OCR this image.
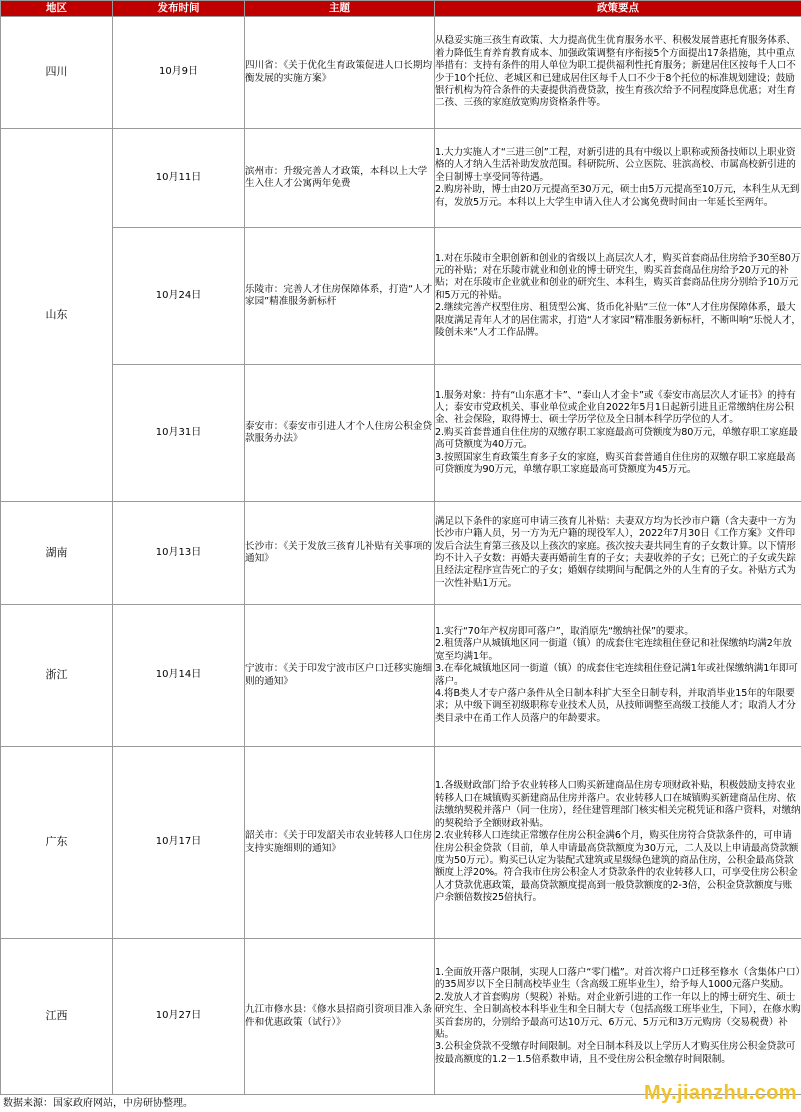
地区	发布时间	主题	政策要点
四川	10月9日	四川省：《关于优化生育政策促进人口长期均衡发展的实施方案》	从稳妥实施三孩生育政策、大力提高优生优育服务水平、积极发展普惠托育服务体系、着力降低生育养育教育成本、加强政策调整有序衔接5个方面提出17条措施，其中重点举措有：支持有条件的用人单位为职工提供福利性托育服务；新建居住区按每千人口不少于10个托位、老城区和已建成居住区每千人口不少于8个托位的标准规划建设；鼓励银行机构为符合条件的夫妻提供消费贷款，按生育孩次给予不同程度降息优惠；对生育二孩、三孩的家庭放宽购房资格条件等。

山东	10月11日	滨州市：升级完善人才政策，本科以上大学生入住人才公寓两年免费	1.大力实施人才“三进三创”工程，对新引进的具有中级以上职称或预备技师以上职业资格的人才纳入生活补助发放范围。科研院所、公立医院、驻滨高校、市属高校新引进的全日制博士享受同等待遇。

2.购房补助，博士由20万元提高至30万元，硕士由5万元提高至10万元，本科生从无到有，发放5万元。本科以上大学生申请入住人才公寓免费时间由一年延长至两年。

	10月24日	乐陵市：完善人才住房保障体系，打造“人才家园”精准服务新标杆	1.对在乐陵市全职创新和创业的省级以上高层次人才，购买首套商品住房给予30至80万元的补贴；对在乐陵市就业和创业的博士研究生，购买首套商品住房给予20万元的补贴；对在乐陵市企业就业和创业的研究生、本科生，购买首套商品住房分别给予10万元和5万元的补贴。

2.继续完善产权型住房、租赁型公寓、货币化补贴“三位一体”人才住房保障体系，最大限度满足青年人才的居住需求，打造“人才家园”精准服务新标杆，不断叫响“乐悦人才，陵创未来”人才工作品牌。

	10月31日	泰安市：《泰安市引进人才个人住房公积金贷款服务办法》	1.服务对象：持有“山东惠才卡”、“泰山人才金卡”或《泰安市高层次人才证书》的持有人；泰安市党政机关、事业单位或企业自2022年5月1日起新引进且正常缴纳住房公积金、社会保险，取得博士、硕士学历学位及全日制本科学历学位的人才。

2.购买首套普通自住住房的双缴存职工家庭最高可贷额度为80万元，单缴存职工家庭最高可贷额度为40万元。

3.按照国家生育政策生育多子女的家庭，购买首套普通自住住房的双缴存职工家庭最高可贷额度为90万元，单缴存职工家庭最高可贷额度为45万元。

湖南	10月13日	长沙市：《关于发放三孩育儿补贴有关事项的通知》	满足以下条件的家庭可申请三孩育儿补贴：夫妻双方均为长沙市户籍（含夫妻中一方为长沙市户籍人员，另一方为无户籍的现役军人），2022年7月30日《工作方案》文件印发后合法生育第三孩及以上孩次的家庭。孩次按夫妻共同生育的子女数计算。以下情形均不计入子女数：再婚夫妻再婚前生育的子女；夫妻收养的子女；已死亡的子女或失踪且经法定程序宣告死亡的子女；婚姻存续期间与配偶之外的人生育的子女。补贴方式为一次性补贴1万元。

浙江	10月14日	宁波市：《关于印发宁波市区户口迁移实施细则的通知》	1.实行“70年产权房即可落户”，取消原先“缴纳社保”的要求。

2.租赁落户从城镇地区同一街道（镇）的成套住宅连续租住登记和社保缴纳均满2年放宽至均满1年。

3.在奉化城镇地区同一街道（镇）的成套住宅连续租住登记满1年或社保缴纳满1年即可落户。

4.将B类人才专户落户条件从全日制本科扩大至全日制专科，并取消毕业15年的年限要求；从中级下调至初级职称专业技术人员，从技师调整至高级工技能人才；取消人才分类目录中在甬工作人员落户的年龄要求。

广东	10月17日	韶关市：《关于印发韶关市农业转移人口住房支持实施细则的通知》	1.各级财政部门给予农业转移人口购买新建商品住房专项财政补贴，积极鼓励支持农业转移人口在城镇购买新建商品住房并落户。农业转移人口在城镇购买新建商品住房、依法缴纳契税并落户（同一住房），经住建管理部门核实相关完税凭证和落户资料，对缴纳的契税给予全额财政补贴。

2.农业转移人口连续正常缴存住房公积金满6个月，购买住房符合贷款条件的，可申请住房公积金贷款（目前，单人申请最高贷款额度为30万元，二人及以上申请最高贷款额度为50万元）。购买已认定为装配式建筑或星级绿色建筑的商品住房，公积金最高贷款额度上浮20%。符合我市住房公积金人才贷款条件的农业转移人口，可享受住房公积金人才贷款优惠政策，最高贷款额度提高到一般贷款额度的2-3倍，公积金贷款额度与账户余额倍数按25倍执行。

江西	10月27日	九江市修水县：《修水县招商引资项目准入条件和优惠政策（试行）》	1.全面放开落户限制，实现人口落户“零门槛”。对首次将户口迁移至修水（含集体户口）的35周岁以下全日制高校毕业生（含高级工班毕业生），给予每人1000元落户奖励。

2.发放人才首套购房（契税）补贴。对企业新引进的工作一年以上的博士研究生、硕士研究生、全日制高校本科毕业生和全日制大专（包括高级工班毕业生，下同），在修水购买首套房的，分别给予最高可达10万元、6万元、5万元和3万元购房（交易税费）补贴。

3.公积金贷款不受缴存时间限制。对全日制本科及以上学历人才购买住房公积金贷款可按最高额度的1.2－1.5倍系数申请，且不受住房公积金缴存时间限制。

数据来源：国家政府网站，中房研协整理。	My.jianzhu.com
